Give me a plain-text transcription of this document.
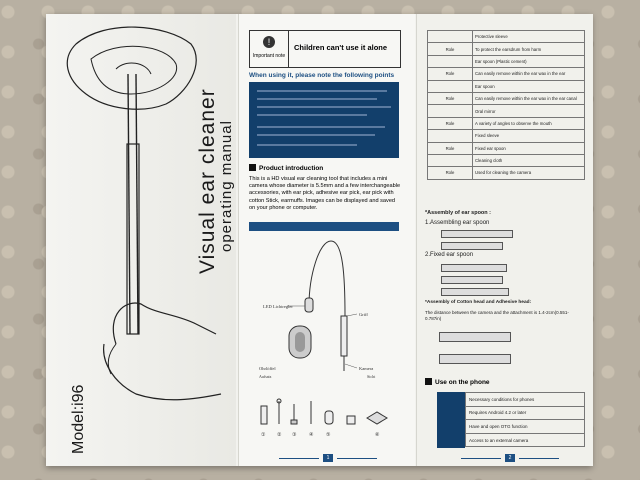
Visual ear cleaner operating manual
Model:i96
!
Important note
Children can't use it alone
When using it, please note the following points
Product introduction
This is a HD visual ear cleaning tool that includes a mini camera whose diameter is 5.5mm and a few interchangeable accessories, with ear pick, adhesive ear pick, ear pick with cotton Stick, earmuffs. Images can be displayed and saved on your phone or computer.
LED Lichtregler
Griff
Kamera
Sicht
Ohrlöffel
Aufsatz
① ② ③	④	⑤	⑥
1
	Protective sleeve
Role	To protect the earsdrum from harm
	Ear spoon (Plastic cement)
Role	Can easily remove within the ear wax in the ear
	Ear spoon
Role	Can easily remove within the ear wax in the ear canal
	Oral mirror
Role	A variety of angles to observe the mouth
	Fixed sleeve
Role	Fixed ear spoon
	Cleaning cloth
Role	Used for cleaning the camera
*Assembly of ear spoon :
1.Assembling ear spoon
2.Fixed ear spoon
*Assembly of Cotton head and Adhesive head:
The distance between the camera and the attachment is 1.4-2cm(0.551-0.787in)
Use on the phone
Necessary conditions for phones
Requires Android 4.2 or later
Have and open OTG function
Access to an external camera
2
